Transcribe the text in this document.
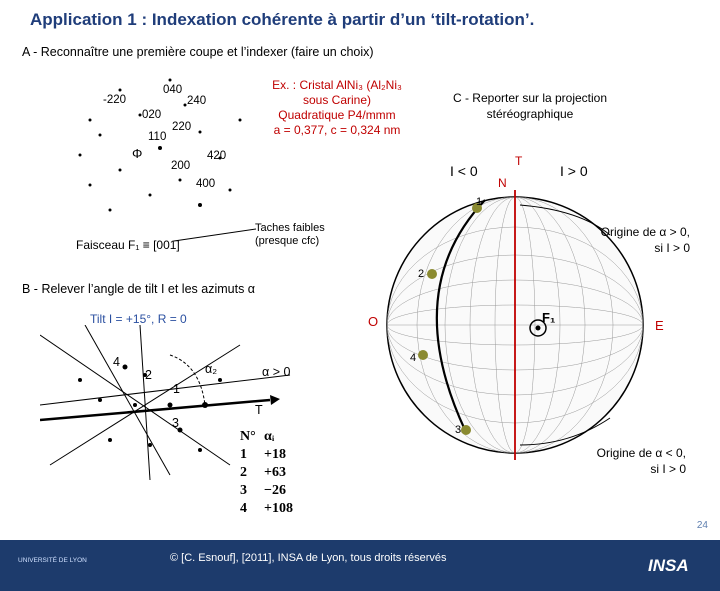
Application 1 : Indexation cohérente à partir d’un ‘tilt-rotation’.
A - Reconnaître une première coupe et l’indexer (faire un choix)
B - Relever l’angle de tilt I et les azimuts α
C - Reporter sur la projection stéréographique
-220
040
240
020
220
110
Φ
200
420
400
Faisceau F₁ ≡ [001]
Taches faibles (presque cfc)
Ex. : Cristal AlNi₃ (Al₂Ni₃
sous Carine)
Quadratique P4/mmm
a = 0,377, c = 0,324 nm
Tilt I = +15°, R = 0
4
2
1
3
α₂	α > 0
T
N° αᵢ
1	+18
2	+63
3	−26
4	+108
I < 0	I > 0
T
N
O	E
F₁
1
2
4
3
Origine de α > 0, si I > 0
Origine de α < 0, si I > 0
24
UNIVERSITÉ DE LYON	© [C. Esnouf], [2011], INSA de Lyon, tous droits réservés	INSA
